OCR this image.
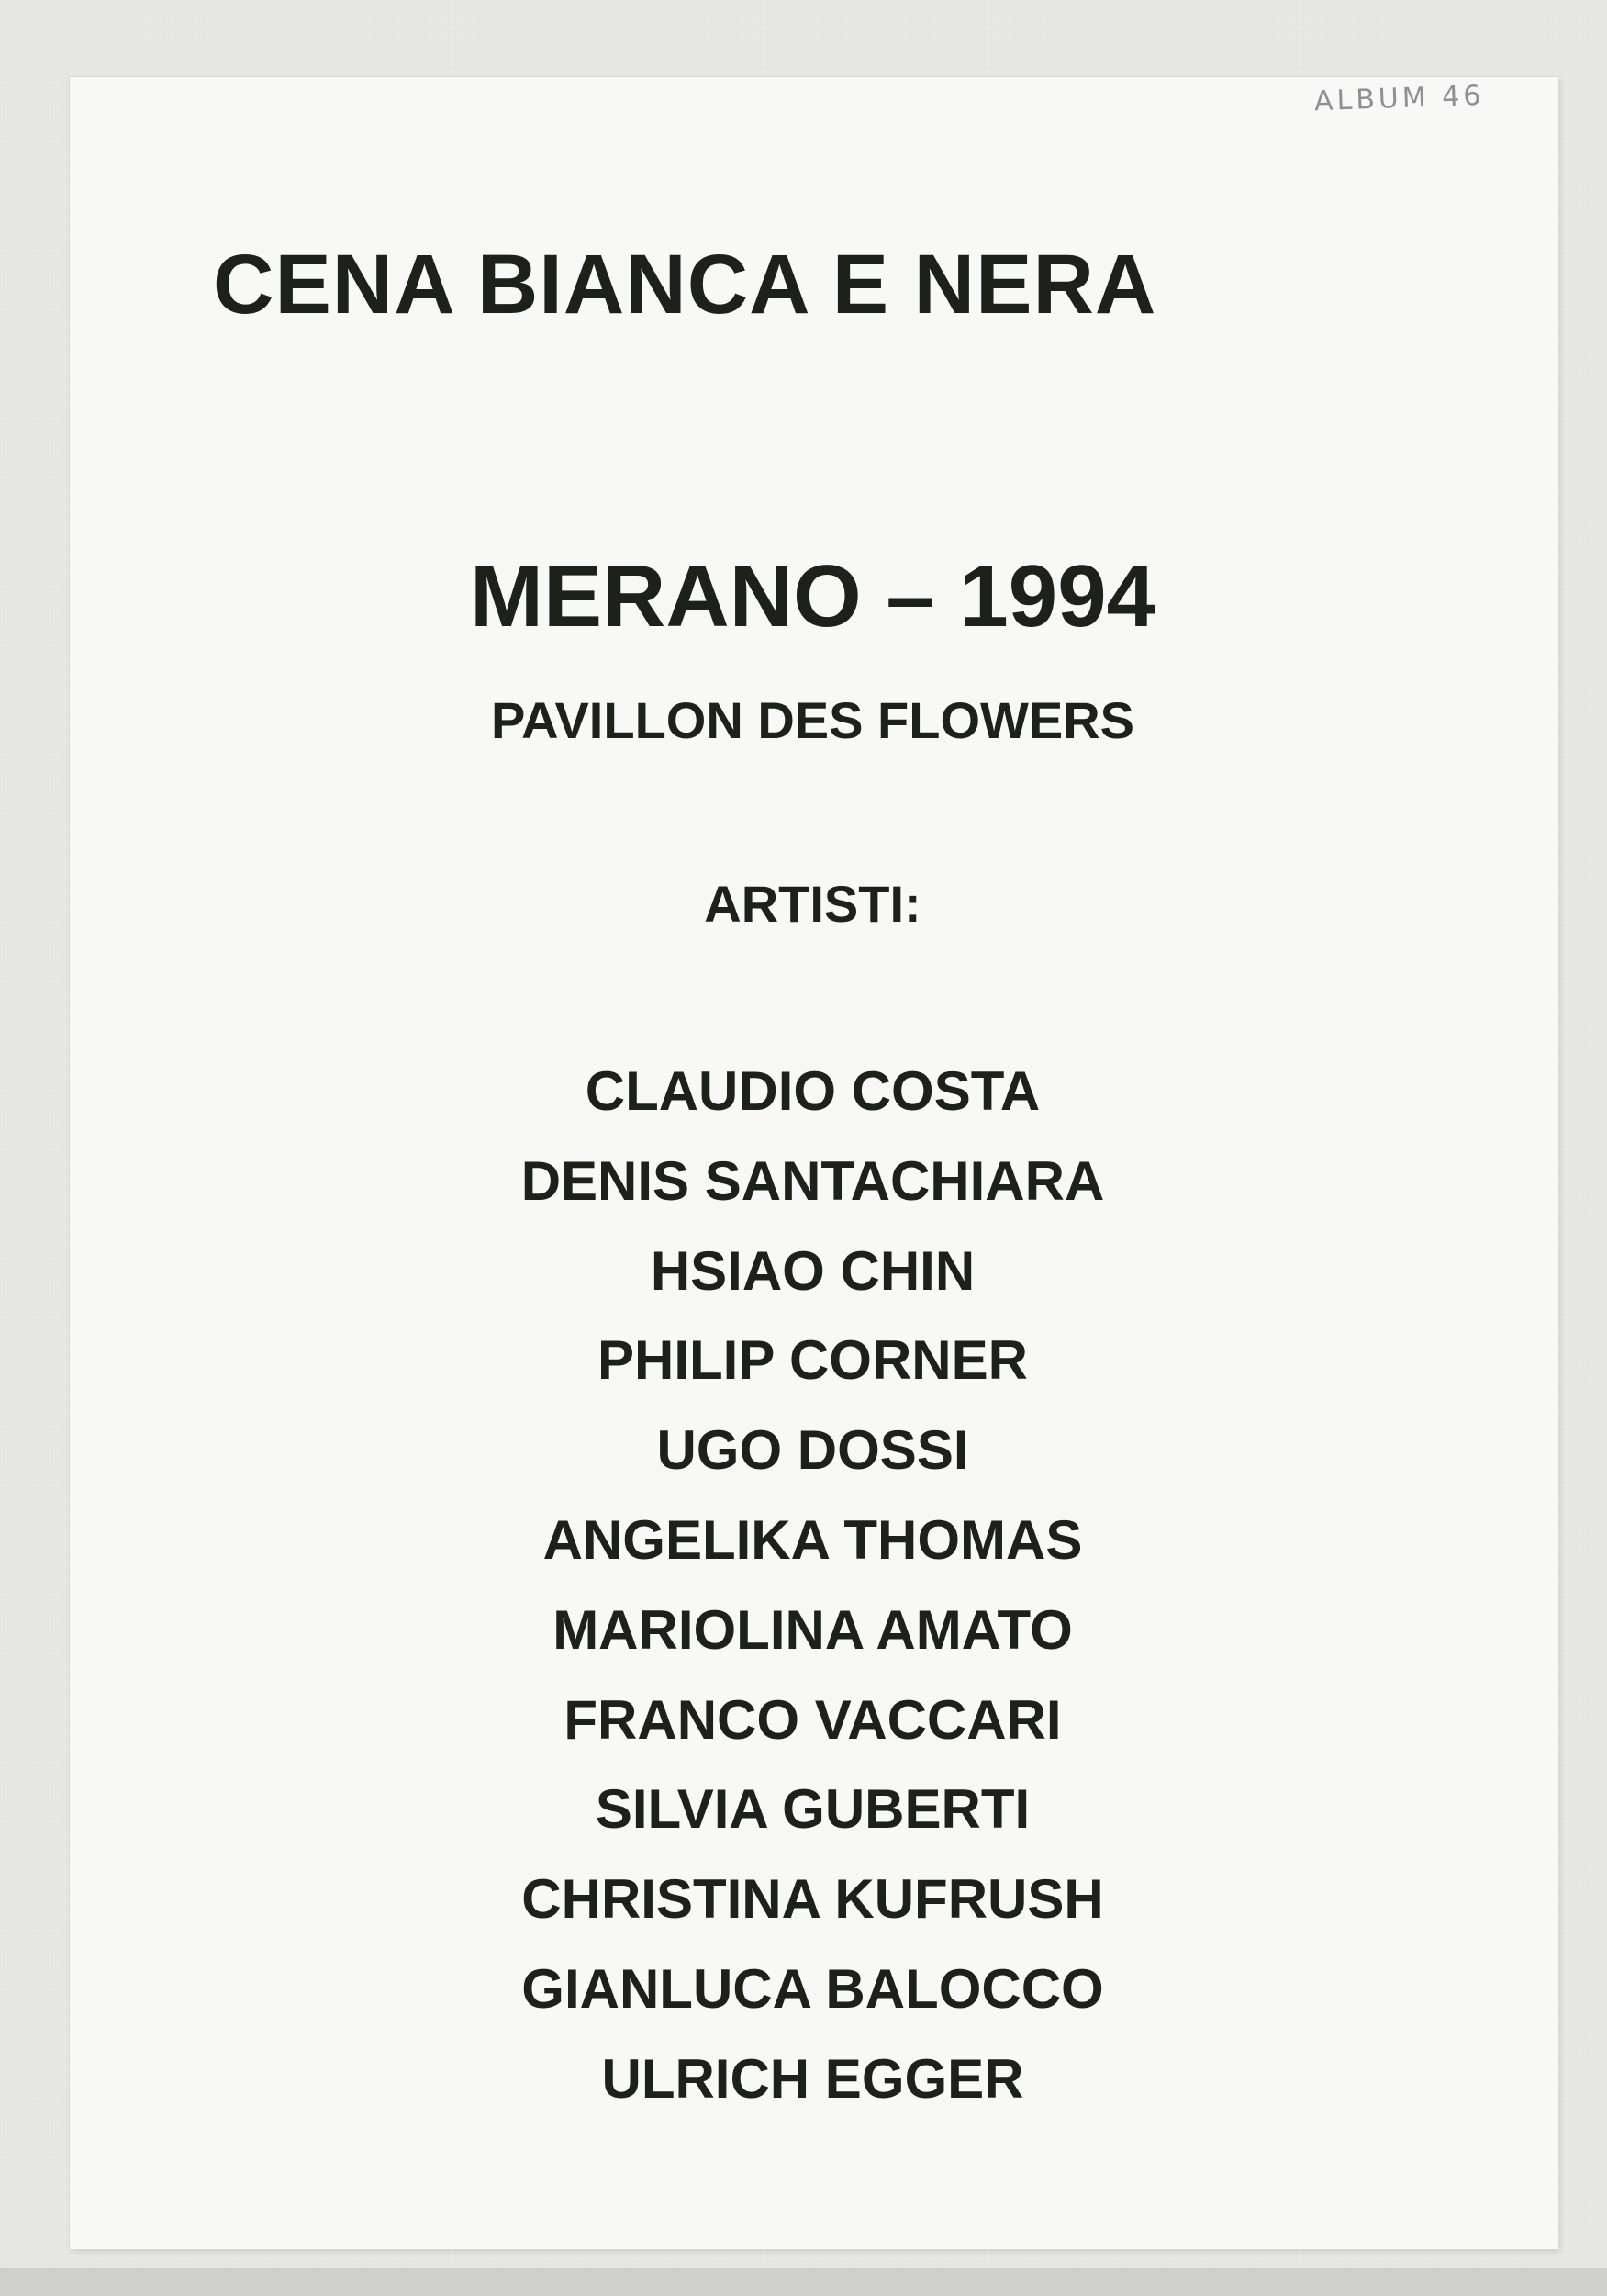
ALBUM 46
CENA BIANCA E NERA
MERANO – 1994
PAVILLON DES FLOWERS
ARTISTI:
CLAUDIO COSTA
DENIS SANTACHIARA
HSIAO CHIN
PHILIP CORNER
UGO DOSSI
ANGELIKA THOMAS
MARIOLINA AMATO
FRANCO VACCARI
SILVIA GUBERTI
CHRISTINA KUFRUSH
GIANLUCA BALOCCO
ULRICH EGGER
